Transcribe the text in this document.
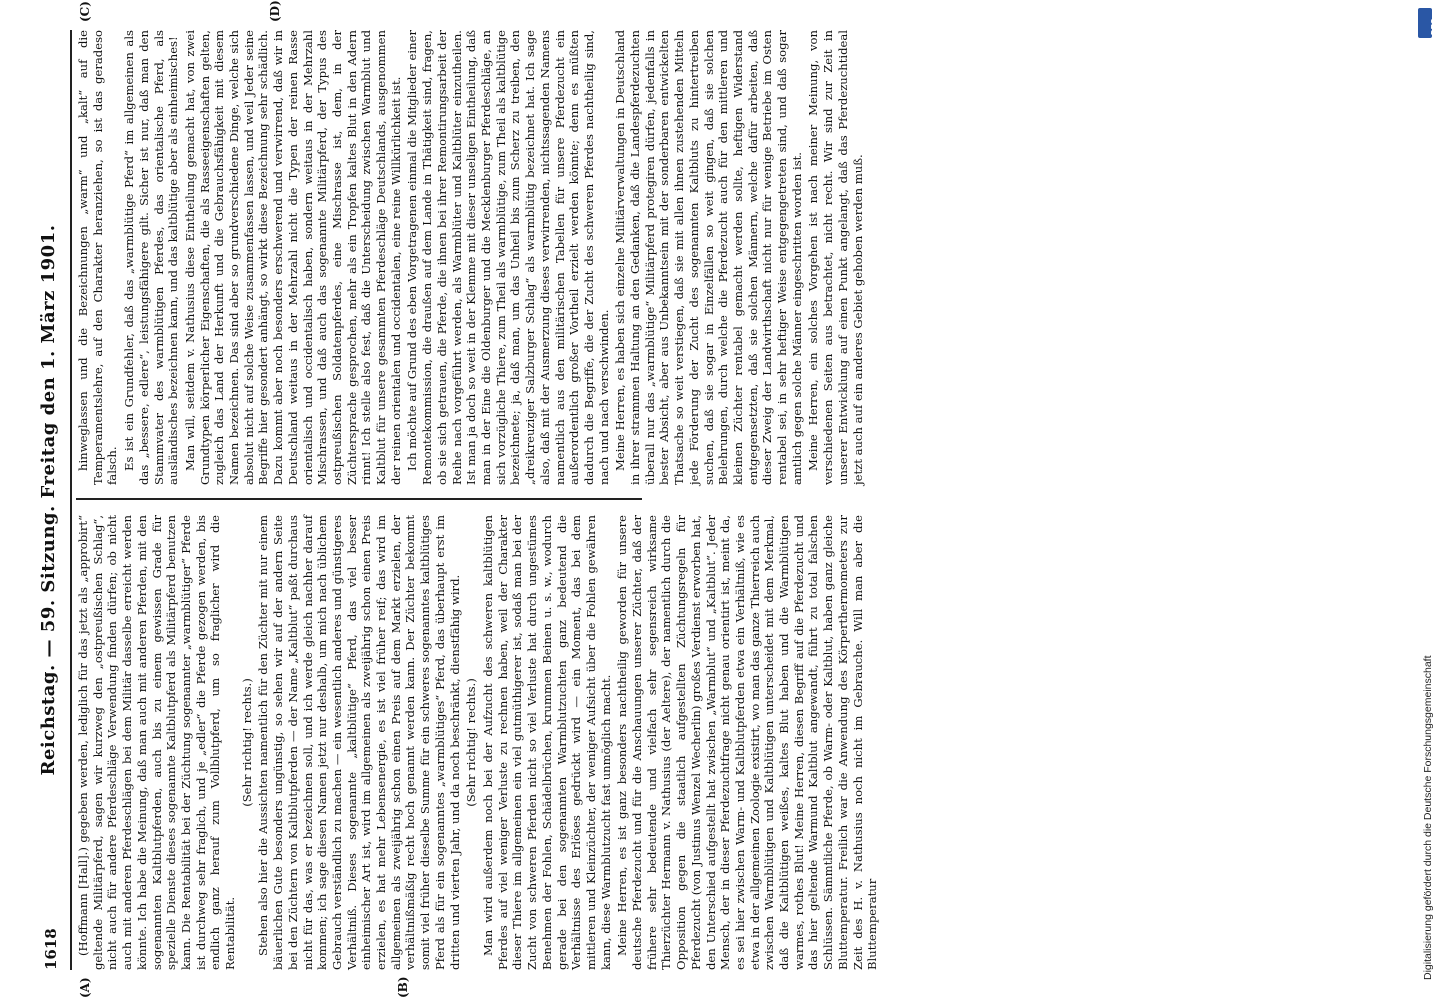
1618
Reichstag. — 59. Sitzung. Freitag den 1. März 1901.
(A)	(B)
(C)	(D)

(Hoffmann [Hall].) gegeben werden, lediglich für das jetzt als „approbirt“ geltende Militärpferd, sagen wir kurzweg den „ostpreußischen Schlag“, nicht auch für andere Pferdeschläge Verwendung finden dürfen; ob nicht auch mit anderen Pferdeschlägen bei dem Militär dasselbe erreicht werden könnte. Ich habe die Meinung, daß man auch mit anderen Pferden, mit den sogenannten Kaltblutpferden, auch bis zu einem gewissen Grade für spezielle Dienste dieses sogenannte Kaltblutpferd als Militärpferd benutzen kann. Die Rentabilität bei der Züchtung sogenannter „warmblütiger“ Pferde ist durchweg sehr fraglich, und je „edler“ die Pferde gezogen werden, bis endlich ganz herauf zum Vollblutpferd, um so fraglicher wird die Rentabilität.

(Sehr richtig! rechts.) Stehen also hier die Aussichten namentlich für den Züchter mit nur einem bäuerlichen Gute besonders ungünstig, so sehen wir auf der andern Seite bei den Züchtern von Kaltblutpferden — der Name „Kaltblut“ paßt durchaus nicht für das, was er bezeichnen soll, und ich werde gleich nachher darauf kommen; ich sage diesen Namen jetzt nur deshalb, um mich nach üblichem Gebrauch verständlich zu machen — ein wesentlich anderes und günstigeres Verhältniß. Dieses sogenannte „kaltblütige“ Pferd, das viel besser einheimischer Art ist, wird im allgemeinen als zweijährig schon einen Preis erzielen, es hat mehr Lebensenergie, es ist viel früher reif; das wird im allgemeinen als zweijährig schon einen Preis auf dem Markt erzielen, der verhältnißmäßig recht hoch genannt werden kann. Der Züchter bekommt somit viel früher dieselbe Summe für ein schweres sogenanntes kaltblütiges Pferd als für ein sogenanntes „warmblütiges“ Pferd, das überhaupt erst im dritten und vierten Jahr, und da noch beschränkt, dienstfähig wird. (Sehr richtig! rechts.) Man wird außerdem noch bei der Aufzucht des schweren kaltblütigen Pferdes auf viel weniger Verluste zu rechnen haben, weil der Charakter dieser Thiere im allgemeinen ein viel gutmüthigerer ist, sodaß man bei der Zucht von schweren Pferden nicht so viel Verluste hat durch ungestümes Benehmen der Fohlen, Schädelbrüchen, krummen Beinen u. s. w., wodurch gerade bei den sogenannten Warmblutzuchten ganz bedeutend die Verhältnisse des Erlöses gedrückt wird — ein Moment, das bei dem mittleren und Kleinzüchter, der weniger Aufsicht über die Fohlen gewähren kann, diese Warmblutzucht fast unmöglich macht. Meine Herren, es ist ganz besonders nachtheilig geworden für unsere deutsche Pferdezucht und für die Anschauungen unserer Züchter, daß der frühere sehr bedeutende und vielfach sehr segensreich wirksame Thierzüchter Hermann v. Nathusius (der Aeltere), der namentlich durch die Opposition gegen die staatlich aufgestellten Züchtungsregeln für Pferdezucht (von Justinus Wenzel Wecherlin) großes Verdienst erworben hat, den Unterschied aufgestellt hat zwischen „Warmblut“ und „Kaltblut“. Jeder Mensch, der in dieser Pferdezuchtfrage nicht genau orientirt ist, meint da, es sei hier zwischen Warm- und Kaltblutpferden etwa ein Verhältniß, wie es etwa in der allgemeinen Zoologie existirt, wo man das ganze Thierreich auch zwischen Warmblütigen und Kaltblütigen unterscheidet mit dem Merkmal, daß die Kaltblütigen weißes, kaltes Blut haben und die Warmblütigen warmes, rothes Blut! Meine Herren, diesen Begriff auf die Pferdezucht und das hier geltende Warmund Kaltblut angewandt, führt zu total falschen Schlüssen. Sämmtliche Pferde, ob Warm- oder Kaltblut, haben ganz gleiche Bluttemperatur. Freilich war die Anwendung des Körperthermometers zur Zeit des H. v. Nathusius noch nicht im Gebrauche. Will man aber die Bluttemperatur

hinweglassen und die Bezeichnungen „warm“ und „kalt“ auf die Temperamentslehre, auf den Charakter heranziehen, so ist das geradeso falsch. Es ist ein Grundfehler, daß das „warmblütige Pferd“ im allgemeinen als das „bessere, edlere“, leistungsfähigere gilt. Sicher ist nur, daß man den Stammvater des warmblütigen Pferdes, das orientalische Pferd, als ausländisches bezeichnen kann, und das kaltblütige aber als einheimisches! Man will, seitdem v. Nathusius diese Eintheilung gemacht hat, von zwei Grundtypen körperlicher Eigenschaften, die als Rasseeigenschaften gelten, zugleich das Land der Herkunft und die Gebrauchsfähigkeit mit diesem Namen bezeichnen. Das sind aber so grundverschiedene Dinge, welche sich absolut nicht auf solche Weise zusammenfassen lassen, und weil Jeder seine Begriffe hier gesondert anhängt, so wirkt diese Bezeichnung sehr schädlich. Dazu kommt aber noch besonders erschwerend und verwirrend, daß wir in Deutschland weitaus in der Mehrzahl nicht die Typen der reinen Rasse orientalisch und occidentalisch haben, sondern weitaus in der Mehrzahl Mischrassen, und daß auch das sogenannte Militärpferd, der Typus des ostpreußischen Soldatenpferdes, eine Mischrasse ist, dem, in der Züchtersprache gesprochen, mehr als ein Tropfen kaltes Blut in den Adern rinnt! Ich stelle also fest, daß die Unterscheidung zwischen Warmblut und Kaltblut für unsere gesammten Pferdeschläge Deutschlands, ausgenommen der reinen orientalen und occidentalen, eine reine Willkürlichkeit ist. Ich möchte auf Grund des eben Vorgetragenen einmal die Mitglieder einer Remontekommission, die draußen auf dem Lande in Thätigkeit sind, fragen, ob sie sich getrauen, die Pferde, die ihnen bei ihrer Remontirungsarbeit der Reihe nach vorgeführt werden, als Warmblüter und Kaltblüter einzutheilen. Ist man ja doch so weit in der Klemme mit dieser unseligen Eintheilung, daß man in der Eine die Oldenburger und die Mecklenburger Pferdeschläge, an sich vorzügliche Thiere, zum Theil als warmblütige, zum Theil als kaltblütige bezeichnete; ja, daß man, um das Unheil bis zum Scherz zu treiben, den „dreikreuziger Salzburger Schlag“ als warmblütig bezeichnet hat. Ich sage also, daß mit der Ausmerzung dieses verwirrenden, nichtssagenden Namens namentlich aus den militärischen Tabellen für unsere Pferdezucht ein außerordentlich großer Vortheil erzielt werden könnte; denn es müßten dadurch die Begriffe, die der Zucht des schweren Pferdes nachtheilig sind, nach und nach verschwinden. Meine Herren, es haben sich einzelne Militärverwaltungen in Deutschland in ihrer strammen Haltung an den Gedanken, daß die Landespferdezuchten überall nur das „warmblütige“ Militärpferd protegiren dürfen, jedenfalls in bester Absicht, aber aus Unbekanntsein mit der sonderbaren entwickelten Thatsache so weit verstiegen, daß sie mit allen ihnen zustehenden Mitteln jede Förderung der Zucht des sogenannten Kaltbluts zu hintertreiben suchen, daß sie sogar in Einzelfällen so weit gingen, daß sie solchen Belehrungen, durch welche die Pferdezucht auch für den mittleren und kleinen Züchter rentabel gemacht werden sollte, heftigen Widerstand entgegensetzten, daß sie solchen Männern, welche dafür arbeiten, daß dieser Zweig der Landwirthschaft nicht nur für wenige Betriebe im Osten rentabel sei, in sehr heftiger Weise entgegengetreten sind, und daß sogar amtlich gegen solche Männer eingeschritten worden ist. Meine Herren, ein solches Vorgehen ist nach meiner Meinung, von verschiedenen Seiten aus betrachtet, nicht recht. Wir sind zur Zeit in unserer Entwicklung auf einen Punkt angelangt, daß das Pferdezuchtideal jetzt auch auf ein anderes Gebiet gehoben werden muß.

Digitalisierung gefördert durch die Deutsche Forschungsgemeinschaft
DFG
